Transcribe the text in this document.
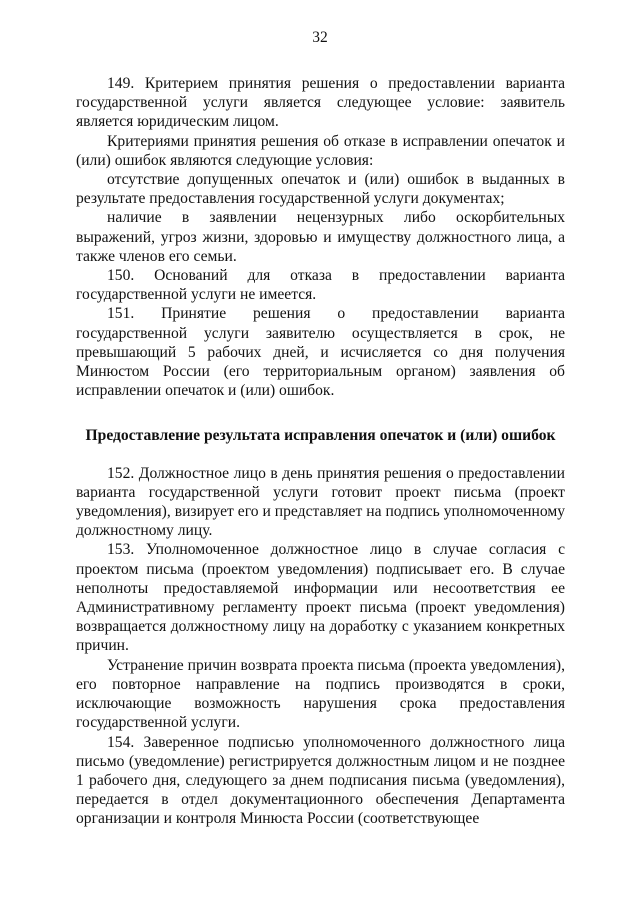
32

149. Критерием принятия решения о предоставлении варианта государственной услуги является следующее условие: заявитель является юридическим лицом.

Критериями принятия решения об отказе в исправлении опечаток и (или) ошибок являются следующие условия:

отсутствие допущенных опечаток и (или) ошибок в выданных в результате предоставления государственной услуги документах;

наличие в заявлении нецензурных либо оскорбительных выражений, угроз жизни, здоровью и имуществу должностного лица, а также членов его семьи.

150. Оснований для отказа в предоставлении варианта государственной услуги не имеется.

151. Принятие решения о предоставлении варианта государственной услуги заявителю осуществляется в срок, не превышающий 5 рабочих дней, и исчисляется со дня получения Минюстом России (его территориальным органом) заявления об исправлении опечаток и (или) ошибок.

Предоставление результата исправления опечаток и (или) ошибок

152. Должностное лицо в день принятия решения о предоставлении варианта государственной услуги готовит проект письма (проект уведомления), визирует его и представляет на подпись уполномоченному должностному лицу.

153. Уполномоченное должностное лицо в случае согласия с проектом письма (проектом уведомления) подписывает его. В случае неполноты предоставляемой информации или несоответствия ее Административному регламенту проект письма (проект уведомления) возвращается должностному лицу на доработку с указанием конкретных причин.

Устранение причин возврата проекта письма (проекта уведомления), его повторное направление на подпись производятся в сроки, исключающие возможность нарушения срока предоставления государственной услуги.

154. Заверенное подписью уполномоченного должностного лица письмо (уведомление) регистрируется должностным лицом и не позднее 1 рабочего дня, следующего за днем подписания письма (уведомления), передается в отдел документационного обеспечения Департамента организации и контроля Минюста России (соответствующее
